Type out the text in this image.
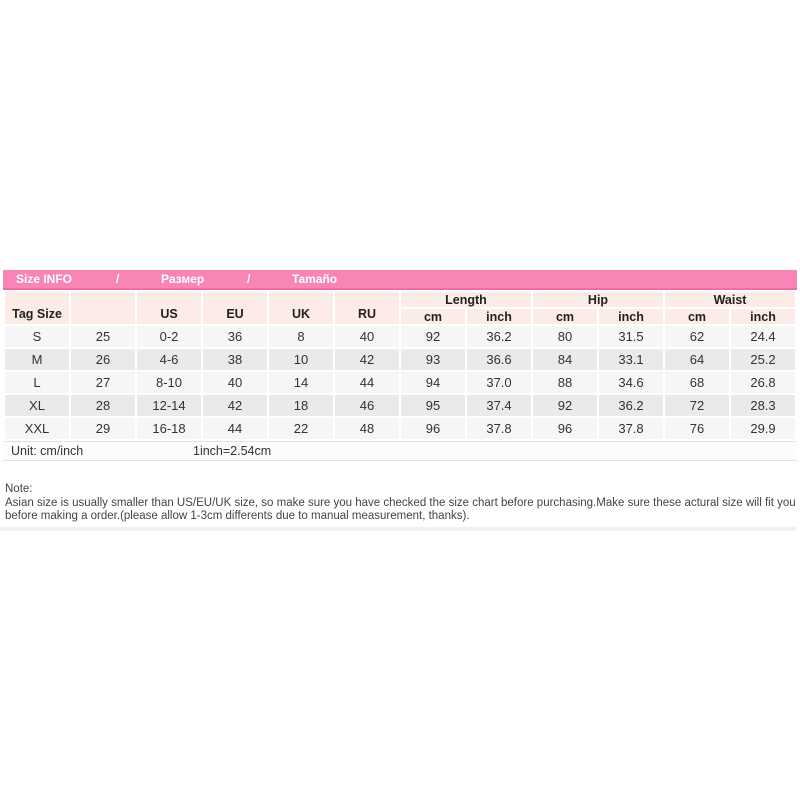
Size INFO	/	Размер	/	Tamaño
Tag Size		US	EU	UK	RU	Length		Hip		Waist	
						cm	inch	cm	inch	cm	inch
S	25	0-2	36	8	40	92	36.2	80	31.5	62	24.4
M	26	4-6	38	10	42	93	36.6	84	33.1	64	25.2
L	27	8-10	40	14	44	94	37.0	88	34.6	68	26.8
XL	28	12-14	42	18	46	95	37.4	92	36.2	72	28.3
XXL	29	16-18	44	22	48	96	37.8	96	37.8	76	29.9
Unit: cm/inch	1inch=2.54cm
Note:
Asian size is usually smaller than US/EU/UK size, so make sure you have checked the size chart before purchasing.Make sure these actural size will fit you before making a order.(please allow 1-3cm differents due to manual measurement, thanks).
